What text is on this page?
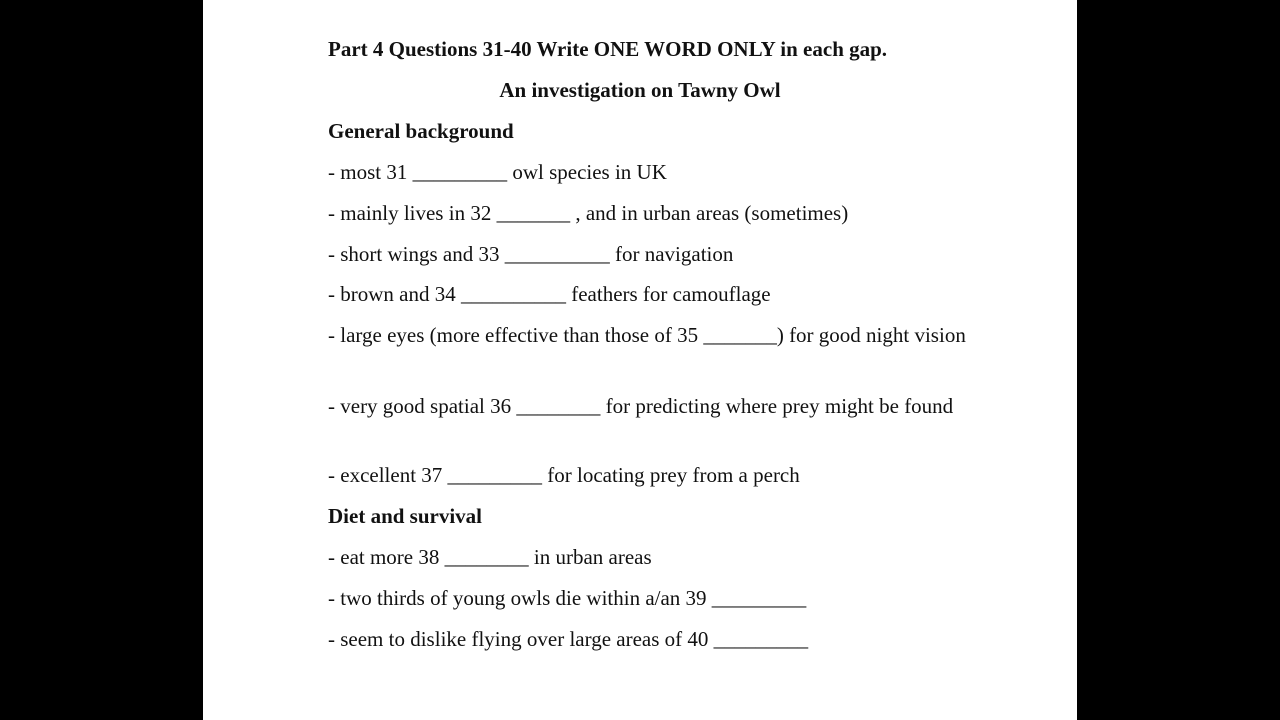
Part 4 Questions 31-40 Write ONE WORD ONLY in each gap.
An investigation on Tawny Owl
General background
- most 31 _________ owl species in UK
- mainly lives in 32 _______ , and in urban areas (sometimes)
- short wings and 33 __________ for navigation
- brown and 34 __________ feathers for camouflage
- large eyes (more effective than those of 35 _______) for good night vision
- very good spatial 36 ________ for predicting where prey might be found
- excellent 37 _________ for locating prey from a perch
Diet and survival
- eat more 38 ________ in urban areas
- two thirds of young owls die within a/an 39 _________
- seem to dislike flying over large areas of 40 _________
